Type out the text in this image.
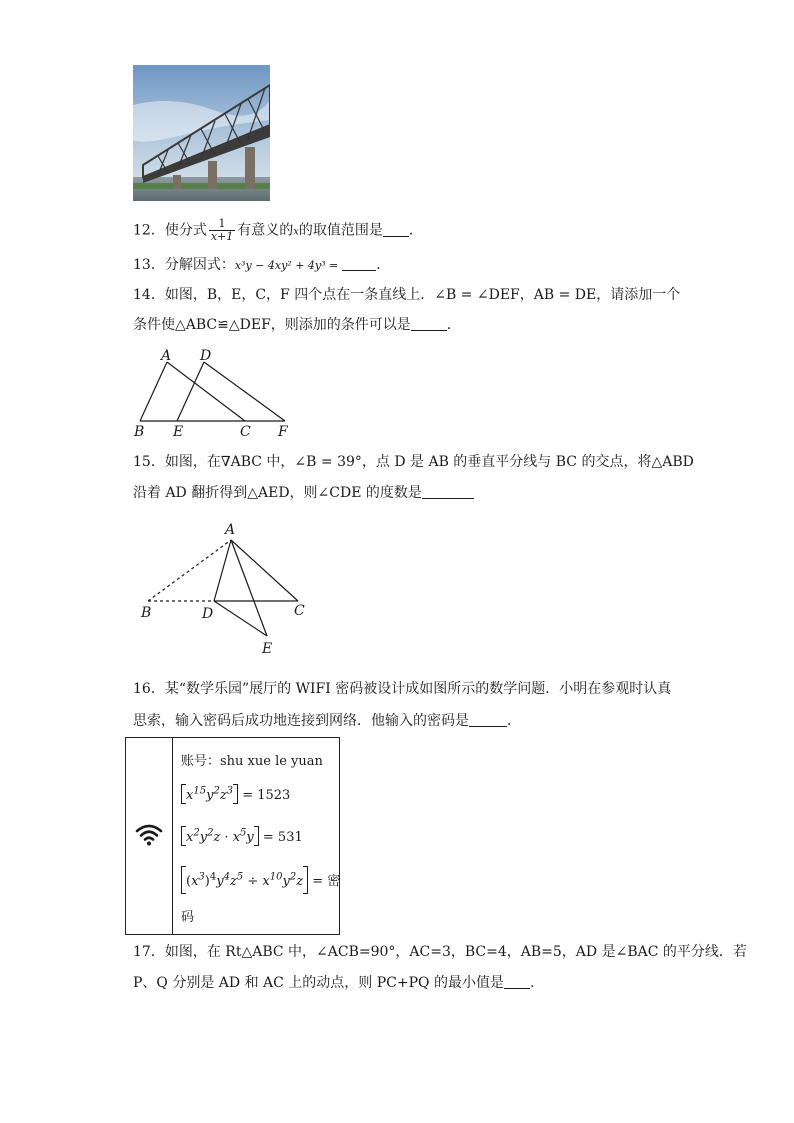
12．使分式 $\frac{1}{x+1}$ 有意义的x的取值范围是 ．
13．分解因式：x³y − 4xy² + 4y³ =	.
14．如图，B，E，C，F 四个点在一条直线上．∠B = ∠DEF，AB = DE，请添加一个
条件使△ABC≌△DEF，则添加的条件可以是	．
A D
B E	C F
15．如图，在∇ABC 中，∠B = 39°，点 D 是 AB 的垂直平分线与 BC 的交点，将△ABD
沿着 AD 翻折得到△AED，则∠CDE 的度数是
A
B	D	C
E
16．某“数学乐园”展厅的 WIFI 密码被设计成如图所示的数学问题．小明在参观时认真
思索，输入密码后成功地连接到网络．他输入的密码是	．
账号：shu xue le yuan
$x^{15}y^2z^3 = 1523$
$x^2y^2z \cdot x^5y = 531$
$(x^3)^4y^4z^5 \div x^{10}y^2z$ = 密
码
17．如图，在 Rt△ABC 中，∠ACB=90°，AC=3，BC=4，AB=5，AD 是∠BAC 的平分线．若
P、Q 分别是 AD 和 AC 上的动点，则 PC+PQ 的最小值是 .
